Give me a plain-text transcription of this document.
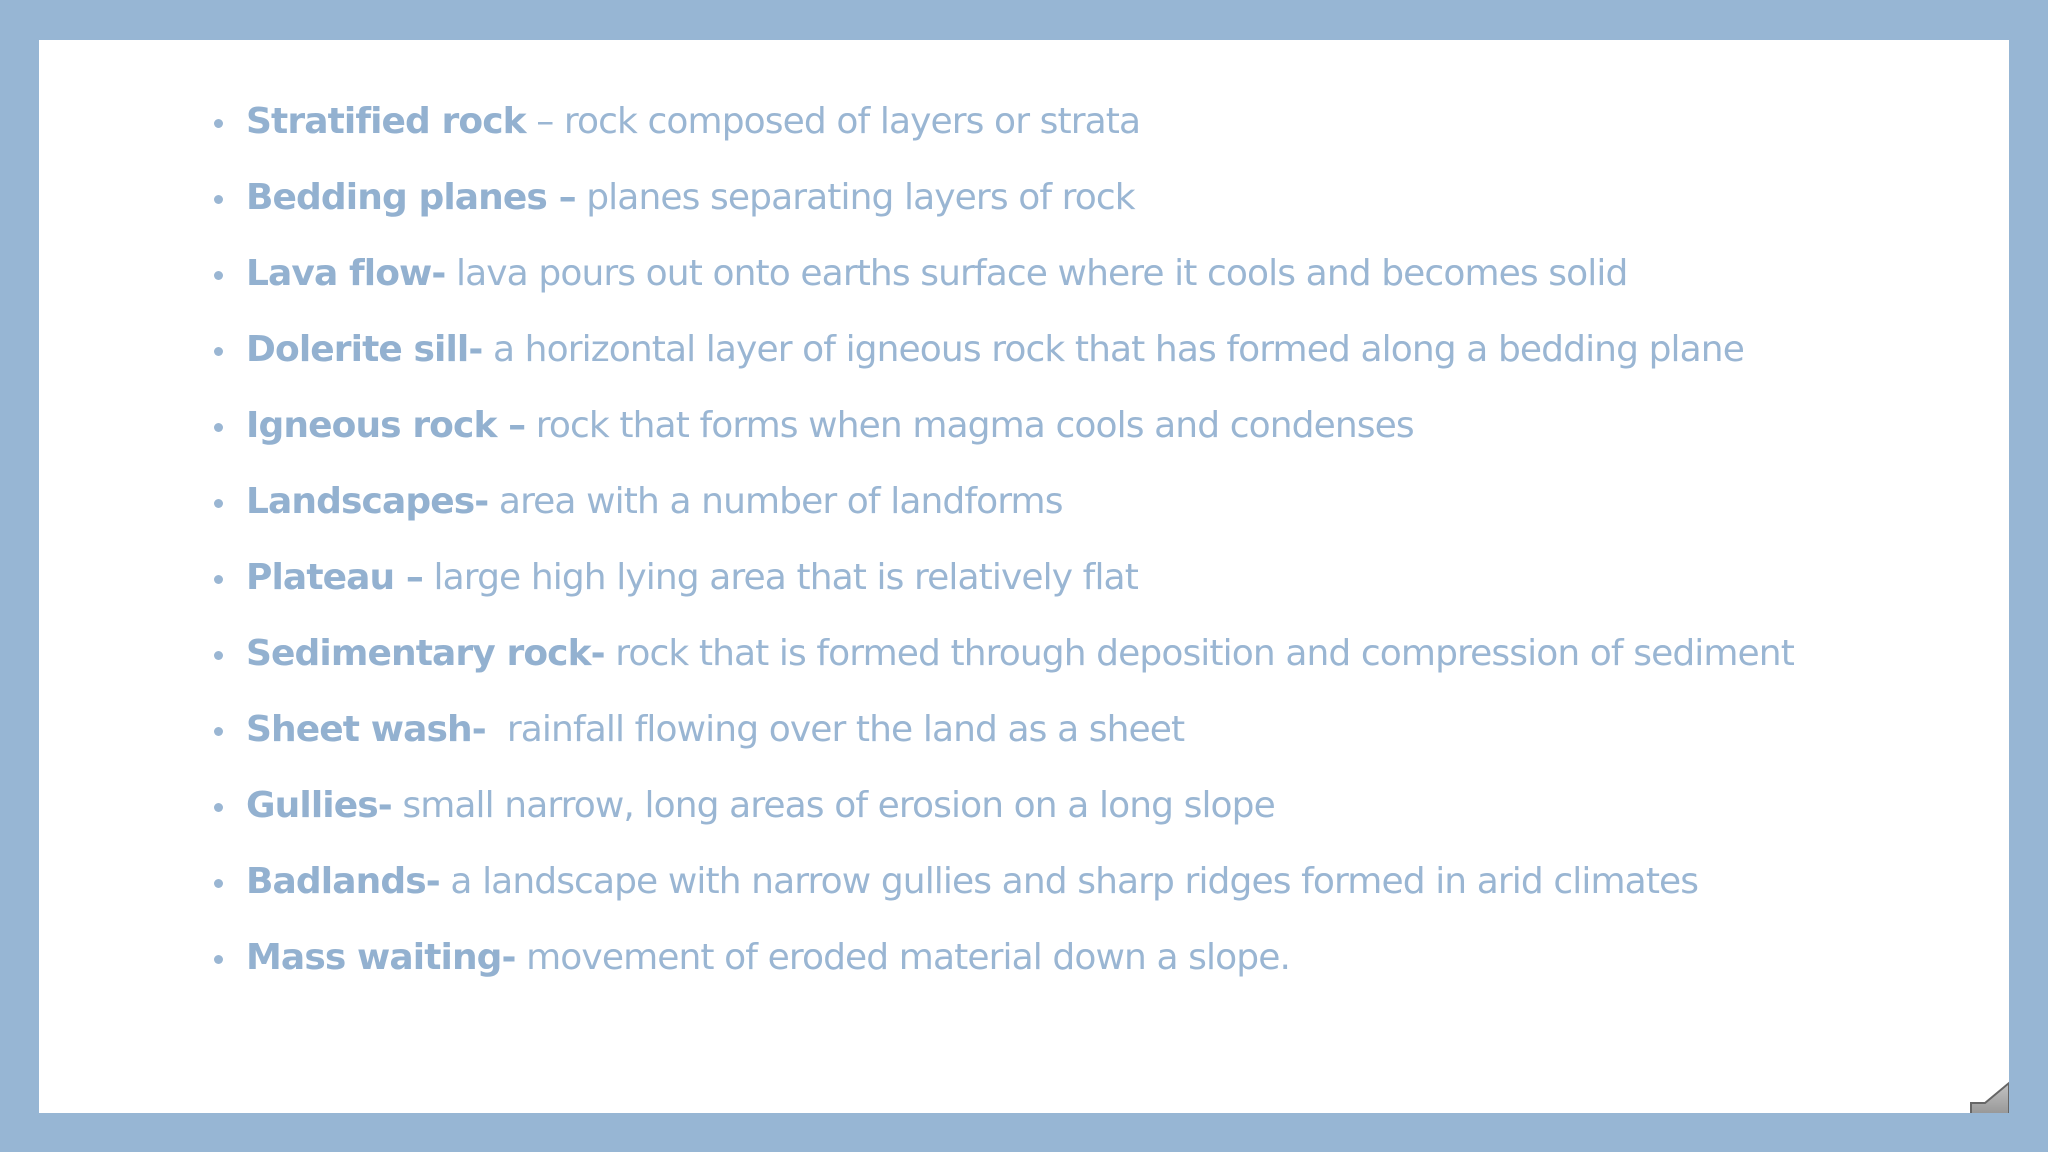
Stratified rock – rock composed of layers or strata
Bedding planes – planes separating layers of rock
Lava flow- lava pours out onto earths surface where it cools and becomes solid
Dolerite sill- a horizontal layer of igneous rock that has formed along a bedding plane
Igneous rock – rock that forms when magma cools and condenses
Landscapes- area with a number of landforms
Plateau – large high lying area that is relatively flat
Sedimentary rock- rock that is formed through deposition and compression of sediment
Sheet wash- rainfall flowing over the land as a sheet
Gullies- small narrow, long areas of erosion on a long slope
Badlands- a landscape with narrow gullies and sharp ridges formed in arid climates
Mass waiting- movement of eroded material down a slope.
